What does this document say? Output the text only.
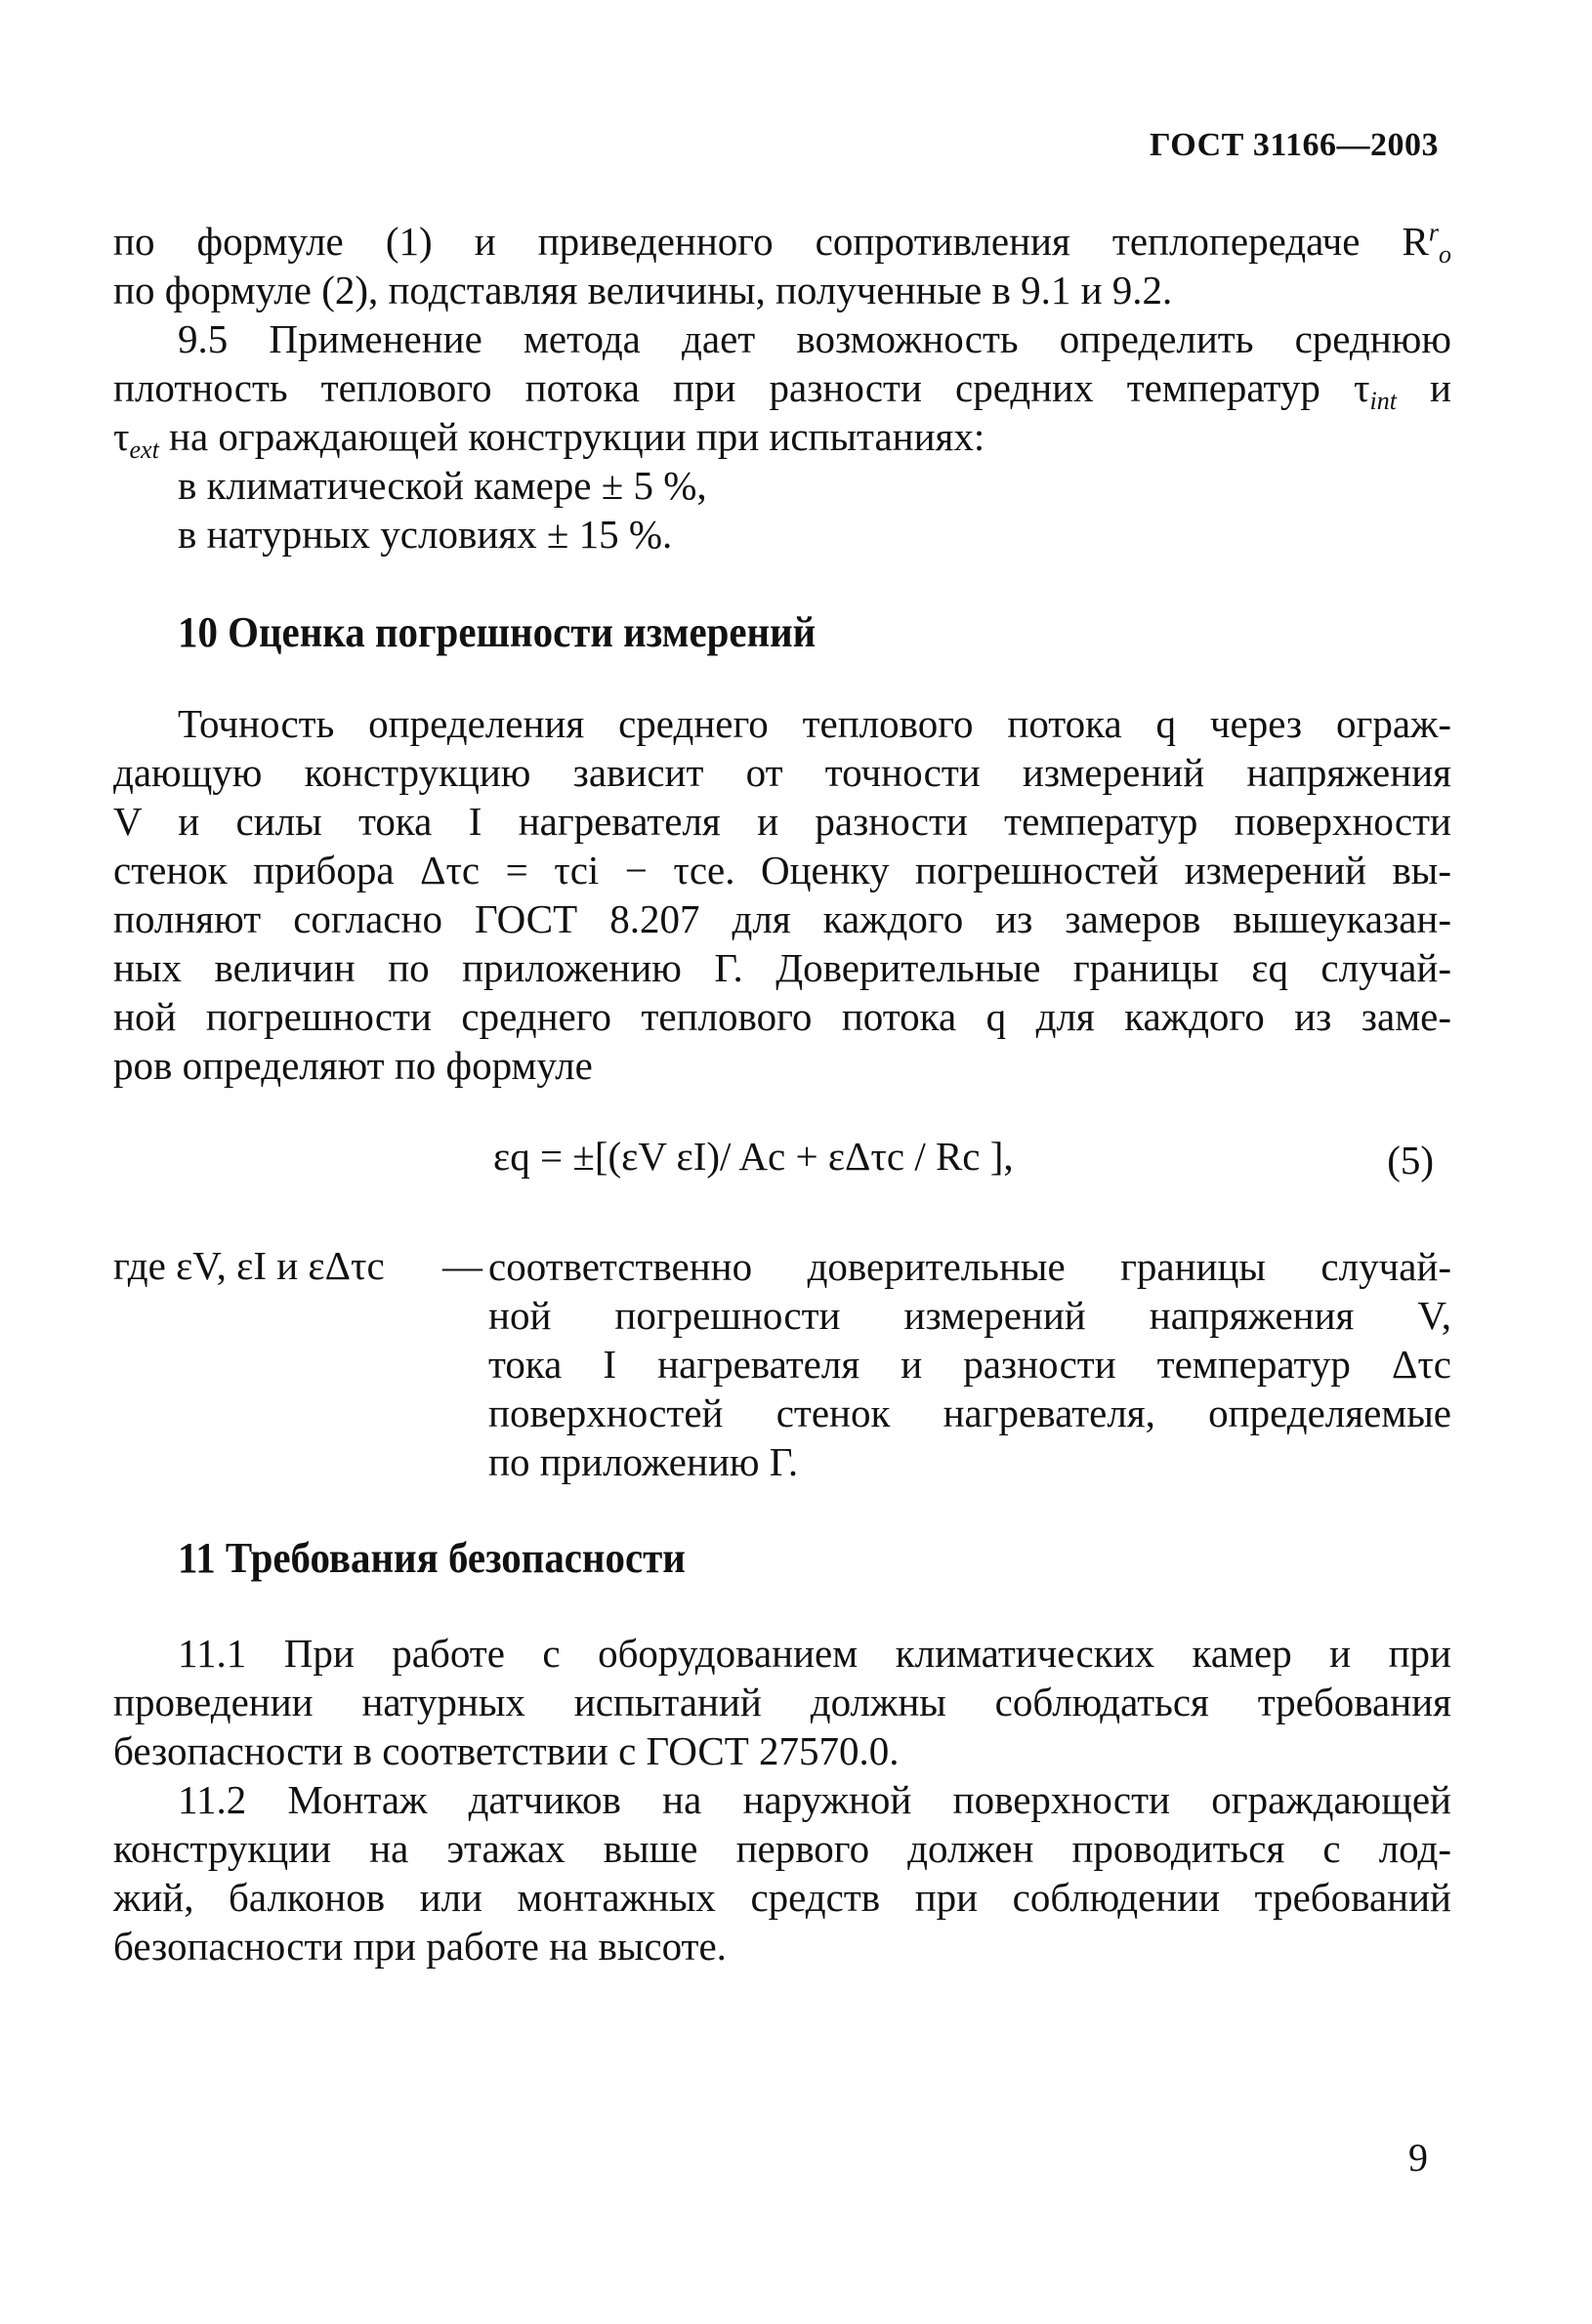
ГОСТ 31166—2003
по формуле (1) и приведенного сопротивления теплопередаче $R^r_o$
по формуле (2), подставляя величины, полученные в 9.1 и 9.2.
9.5 Применение метода дает возможность определить среднюю
плотность теплового потока при разности средних температур $\tau_{int}$ и
$\tau_{ext}$ на ограждающей конструкции при испытаниях:
в климатической камере ± 5 %,
в натурных условиях ± 15 %.
10 Оценка погрешности измерений
Точность определения среднего теплового потока q через ограж-
дающую конструкцию зависит от точности измерений напряжения
V и силы тока I нагревателя и разности температур поверхности
стенок прибора Δτc = τci − τce. Оценку погрешностей измерений вы-
полняют согласно ГОСТ 8.207 для каждого из замеров вышеуказан-
ных величин по приложению Г. Доверительные границы εq случай-
ной погрешности среднего теплового потока q для каждого из заме-
ров определяют по формуле
εq = ±[(εV εI)/ Ac + εΔτc / Rc ],	(5)
где εV, εI и εΔτc — соответственно доверительные границы случай-
ной погрешности измерений напряжения V,
тока I нагревателя и разности температур Δτc
поверхностей стенок нагревателя, определяемые
по приложению Г.
11 Требования безопасности
11.1 При работе с оборудованием климатических камер и при
проведении натурных испытаний должны соблюдаться требования
безопасности в соответствии с ГОСТ 27570.0.
11.2 Монтаж датчиков на наружной поверхности ограждающей
конструкции на этажах выше первого должен проводиться с лод-
жий, балконов или монтажных средств при соблюдении требований
безопасности при работе на высоте.
9
